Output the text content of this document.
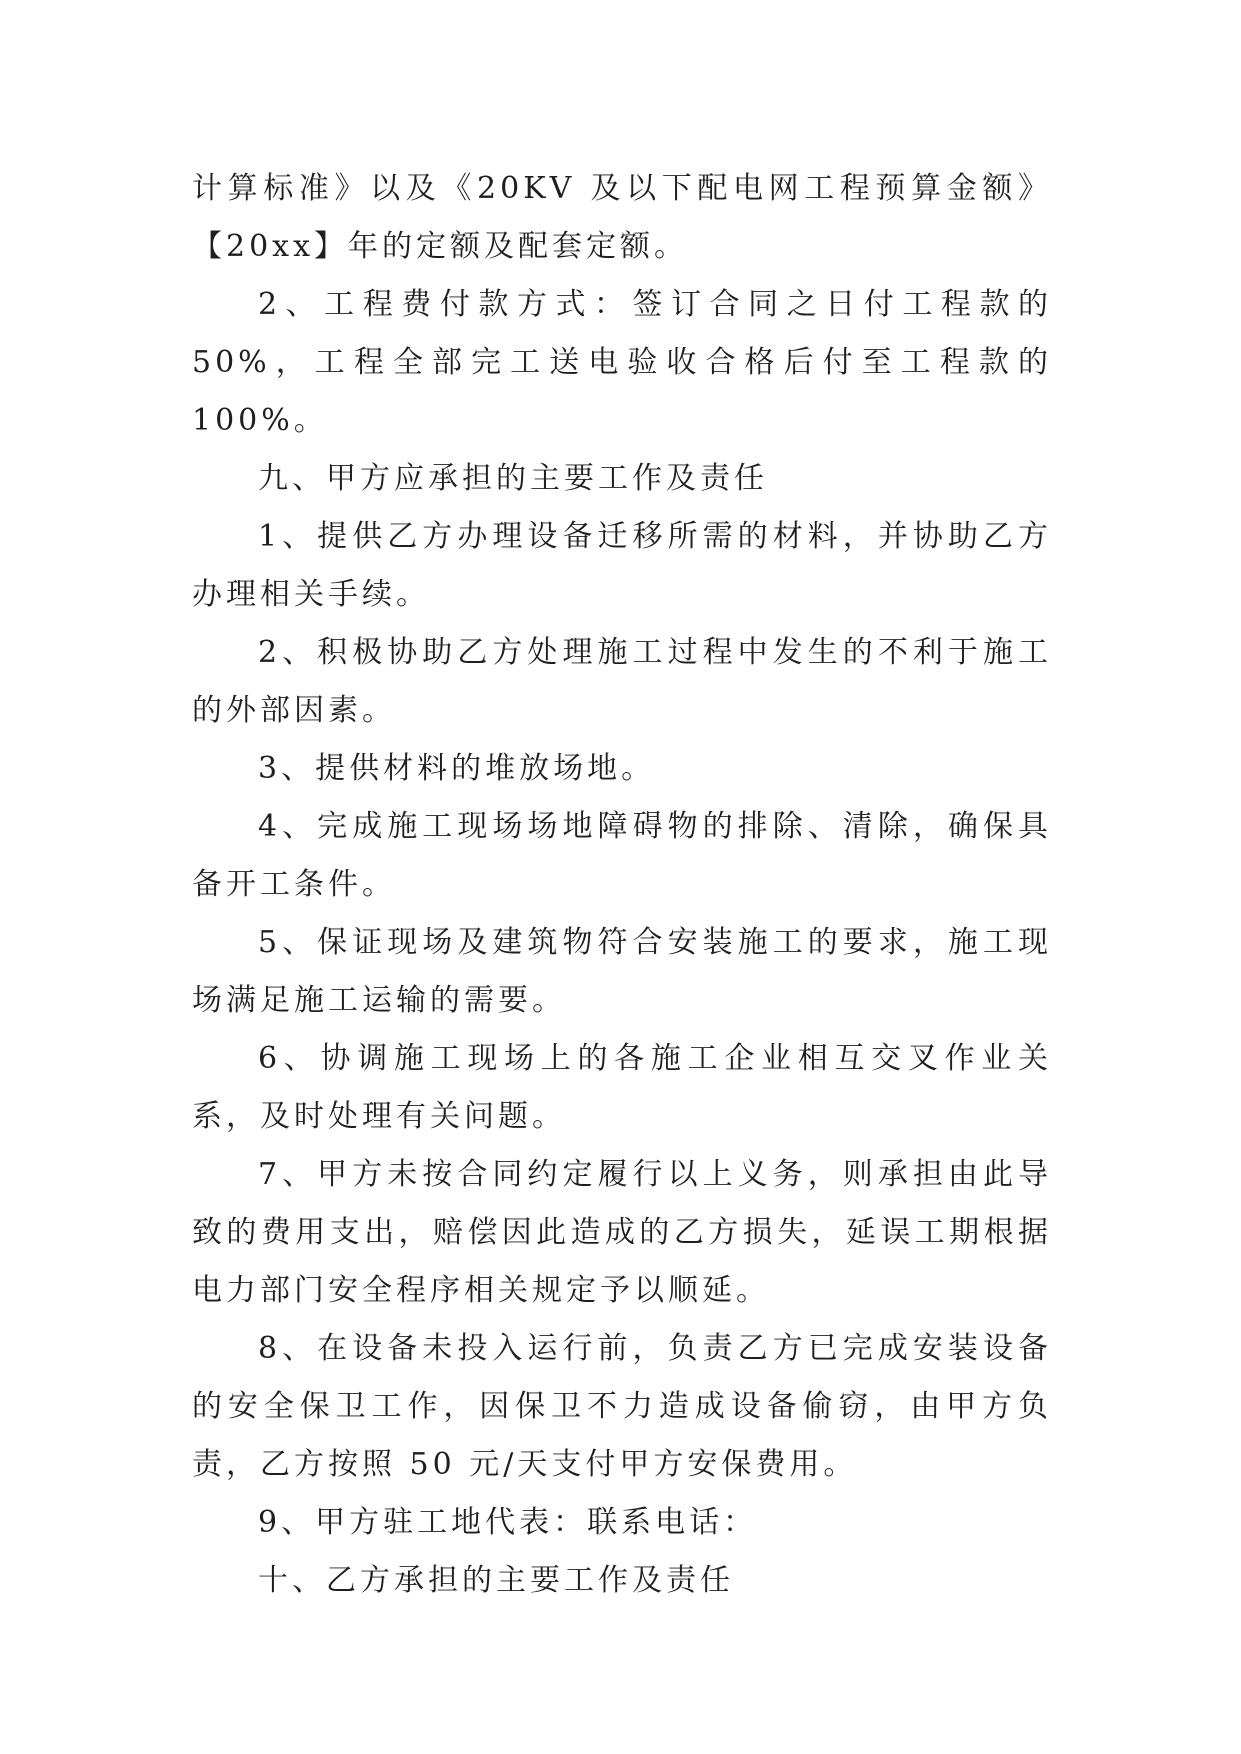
计算标准》以及《20KV 及以下配电网工程预算金额》【20xx】年的定额及配套定额。

2、工程费付款方式：签订合同之日付工程款的 50%，工程全部完工送电验收合格后付至工程款的 100%。

九、甲方应承担的主要工作及责任

1、提供乙方办理设备迁移所需的材料，并协助乙方办理相关手续。

2、积极协助乙方处理施工过程中发生的不利于施工的外部因素。

3、提供材料的堆放场地。

4、完成施工现场场地障碍物的排除、清除，确保具备开工条件。

5、保证现场及建筑物符合安装施工的要求，施工现场满足施工运输的需要。

6、协调施工现场上的各施工企业相互交叉作业关系，及时处理有关问题。

7、甲方未按合同约定履行以上义务，则承担由此导致的费用支出，赔偿因此造成的乙方损失，延误工期根据电力部门安全程序相关规定予以顺延。

8、在设备未投入运行前，负责乙方已完成安装设备的安全保卫工作，因保卫不力造成设备偷窃，由甲方负责，乙方按照 50 元/天支付甲方安保费用。

9、甲方驻工地代表：联系电话：

十、乙方承担的主要工作及责任
